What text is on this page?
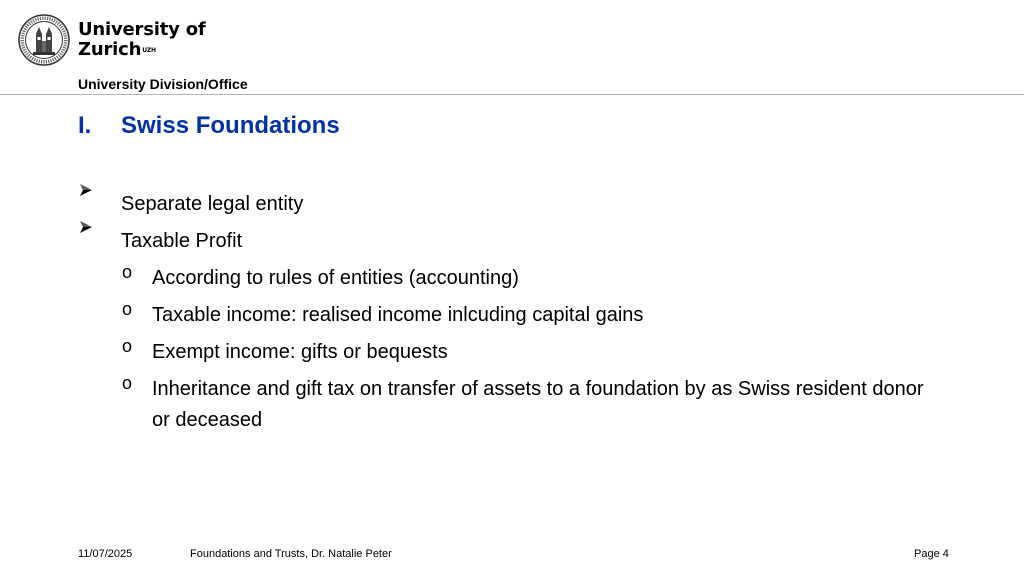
University of
Zurich$^{UZH}$
University Division/Office
I. Swiss Foundations
Separate legal entity
Taxable Profit
o According to rules of entities (accounting)
o Taxable income: realised income inlcuding capital gains
o Exempt income: gifts or bequests
o Inheritance and gift tax on transfer of assets to a foundation by as Swiss resident donor or deceased
11/07/2025	Foundations and Trusts, Dr. Natalie Peter	Page 4
